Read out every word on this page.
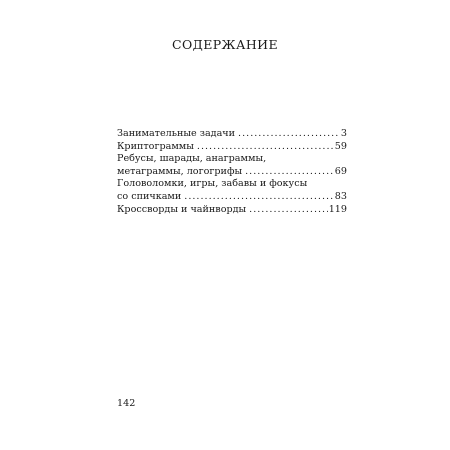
СОДЕРЖАНИЕ
Занимательные задачи .....	3
Криптограммы .....	59
Ребусы, шарады, анаграммы,
метаграммы, логогрифы .....	69
Головоломки, игры, забавы и фокусы
со спичками .....	83
Кроссворды и чайнворды .....	119
142
